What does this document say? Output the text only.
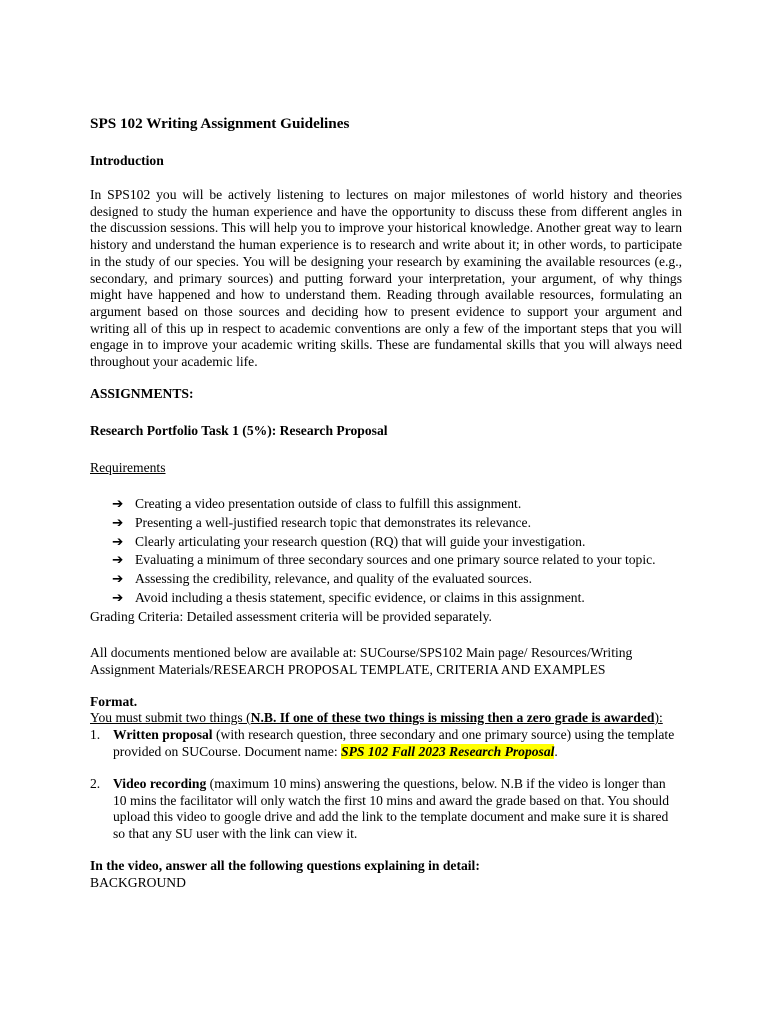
SPS 102 Writing Assignment Guidelines

Introduction

In SPS102 you will be actively listening to lectures on major milestones of world history and theories designed to study the human experience and have the opportunity to discuss these from different angles in the discussion sessions. This will help you to improve your historical knowledge. Another great way to learn history and understand the human experience is to research and write about it; in other words, to participate in the study of our species. You will be designing your research by examining the available resources (e.g., secondary, and primary sources) and putting forward your interpretation, your argument, of why things might have happened and how to understand them. Reading through available resources, formulating an argument based on those sources and deciding how to present evidence to support your argument and writing all of this up in respect to academic conventions are only a few of the important steps that you will engage in to improve your academic writing skills. These are fundamental skills that you will always need throughout your academic life.

ASSIGNMENTS:

Research Portfolio Task 1 (5%): Research Proposal

Requirements

➔ Creating a video presentation outside of class to fulfill this assignment.
➔ Presenting a well-justified research topic that demonstrates its relevance.
➔ Clearly articulating your research question (RQ) that will guide your investigation.
➔ Evaluating a minimum of three secondary sources and one primary source related to your topic.
➔ Assessing the credibility, relevance, and quality of the evaluated sources.
➔ Avoid including a thesis statement, specific evidence, or claims in this assignment.

Grading Criteria: Detailed assessment criteria will be provided separately.

All documents mentioned below are available at: SUCourse/SPS102 Main page/ Resources/Writing Assignment Materials/RESEARCH PROPOSAL TEMPLATE, CRITERIA AND EXAMPLES

Format.

You must submit two things (N.B. If one of these two things is missing then a zero grade is awarded):

1. Written proposal (with research question, three secondary and one primary source) using the template provided on SUCourse. Document name: SPS 102 Fall 2023 Research Proposal.

2. Video recording (maximum 10 mins) answering the questions, below. N.B if the video is longer than 10 mins the facilitator will only watch the first 10 mins and award the grade based on that. You should upload this video to google drive and add the link to the template document and make sure it is shared so that any SU user with the link can view it.

In the video, answer all the following questions explaining in detail:

BACKGROUND
